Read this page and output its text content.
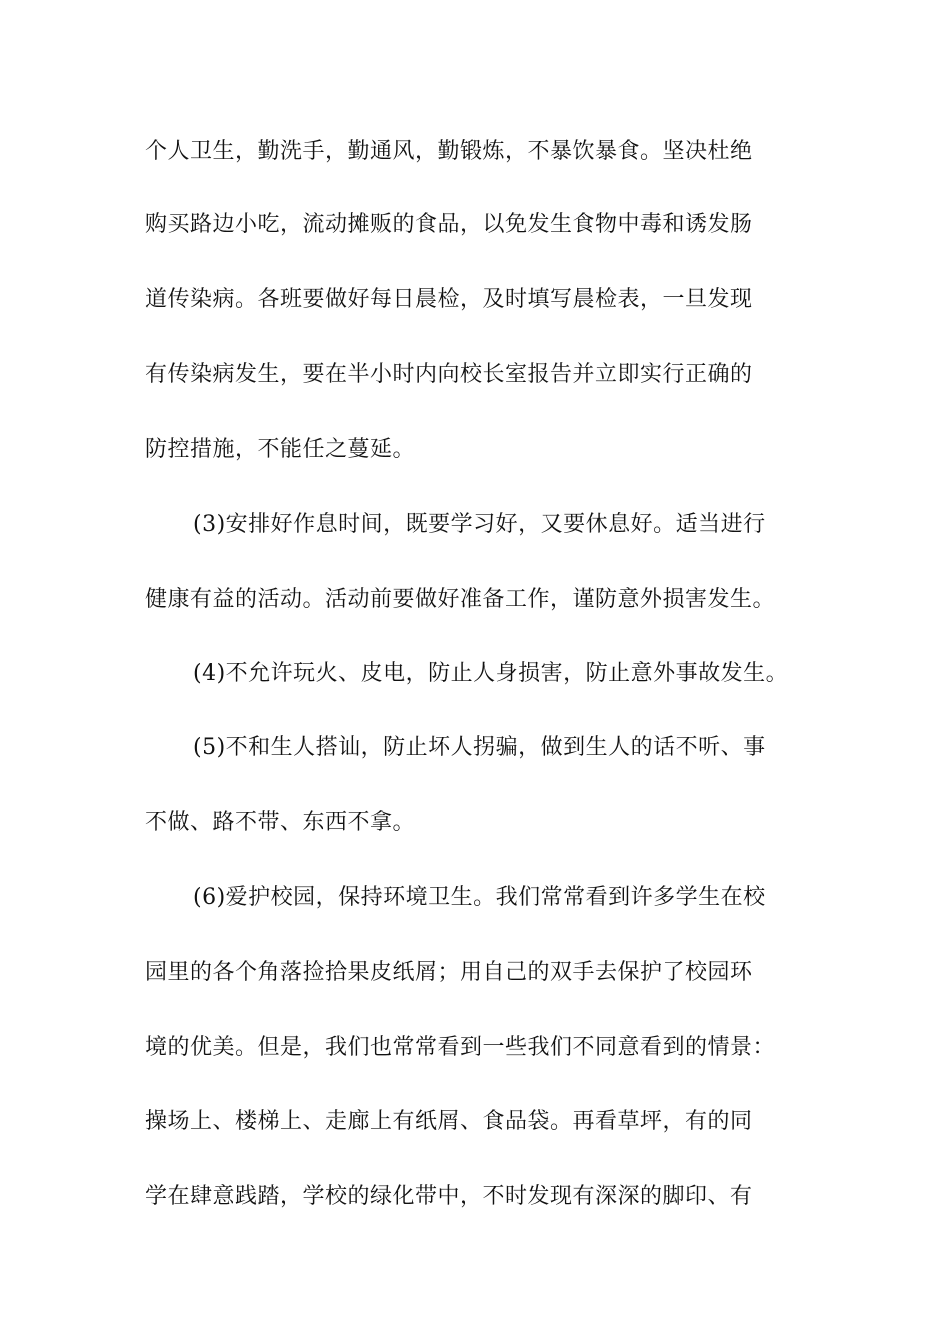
个人卫生，勤洗手，勤通风，勤锻炼，不暴饮暴食。坚决杜绝
购买路边小吃，流动摊贩的食品，以免发生食物中毒和诱发肠
道传染病。各班要做好每日晨检，及时填写晨检表，一旦发现
有传染病发生，要在半小时内向校长室报告并立即实行正确的
防控措施，不能任之蔓延。
(3)安排好作息时间，既要学习好，又要休息好。适当进行
健康有益的活动。活动前要做好准备工作，谨防意外损害发生。
(4)不允许玩火、皮电，防止人身损害，防止意外事故发生。
(5)不和生人搭讪，防止坏人拐骗，做到生人的话不听、事
不做、路不带、东西不拿。
(6)爱护校园，保持环境卫生。我们常常看到许多学生在校
园里的各个角落捡拾果皮纸屑；用自己的双手去保护了校园环
境的优美。但是，我们也常常看到一些我们不同意看到的情景：
操场上、楼梯上、走廊上有纸屑、食品袋。再看草坪，有的同
学在肆意践踏，学校的绿化带中，不时发现有深深的脚印、有
